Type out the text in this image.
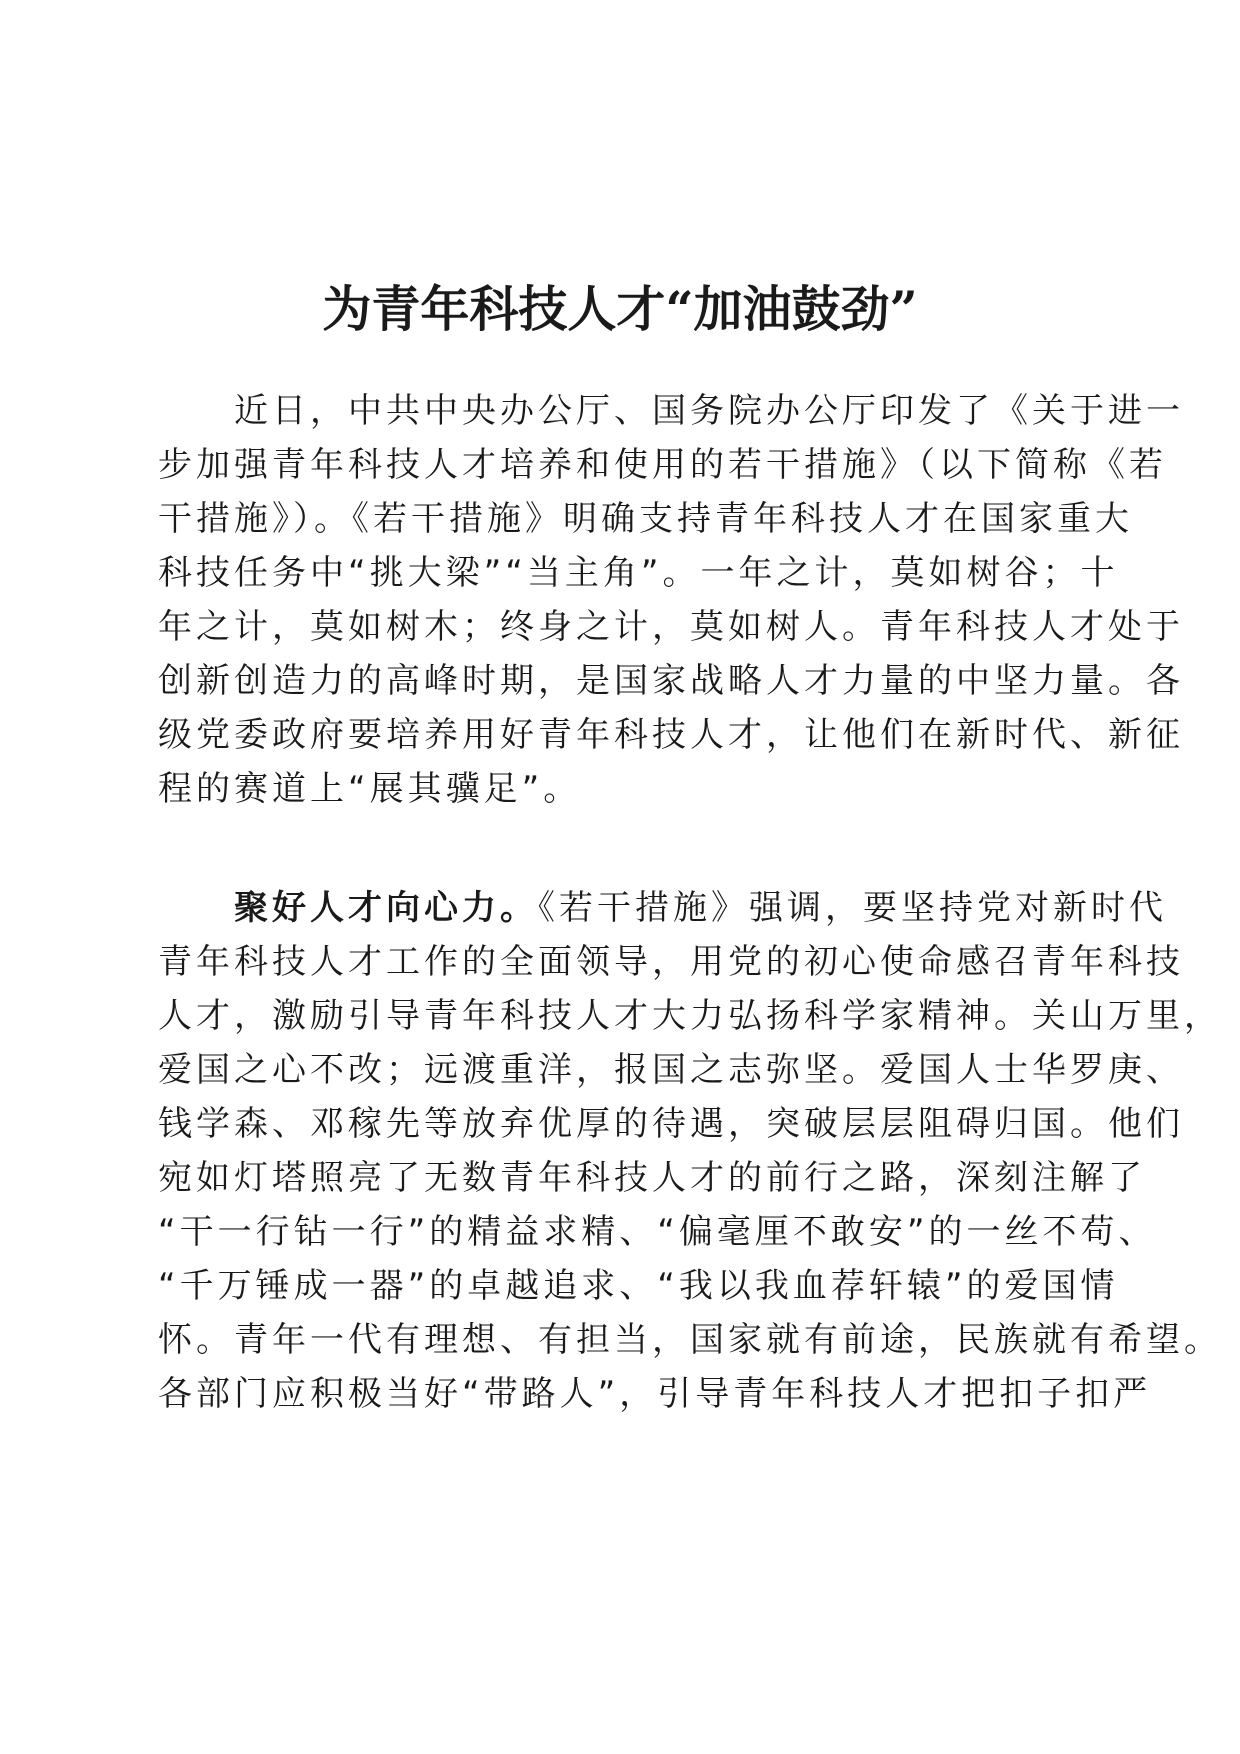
为青年科技人才“加油鼓劲”
　　近日，中共中央办公厅、国务院办公厅印发了《关于进一
步加强青年科技人才培养和使用的若干措施》（以下简称《若
干措施》）。《若干措施》明确支持青年科技人才在国家重大
科技任务中“挑大梁”“当主角”。一年之计，莫如树谷；十
年之计，莫如树木；终身之计，莫如树人。青年科技人才处于
创新创造力的高峰时期，是国家战略人才力量的中坚力量。各
级党委政府要培养用好青年科技人才，让他们在新时代、新征
程的赛道上“展其骥足”。
　　聚好人才向心力。《若干措施》强调，要坚持党对新时代
青年科技人才工作的全面领导，用党的初心使命感召青年科技
人才，激励引导青年科技人才大力弘扬科学家精神。关山万里，
爱国之心不改；远渡重洋，报国之志弥坚。爱国人士华罗庚、
钱学森、邓稼先等放弃优厚的待遇，突破层层阻碍归国。他们
宛如灯塔照亮了无数青年科技人才的前行之路，深刻注解了
“干一行钻一行”的精益求精、“偏毫厘不敢安”的一丝不苟、
“千万锤成一器”的卓越追求、“我以我血荐轩辕”的爱国情
怀。青年一代有理想、有担当，国家就有前途，民族就有希望。
各部门应积极当好“带路人”，引导青年科技人才把扣子扣严
